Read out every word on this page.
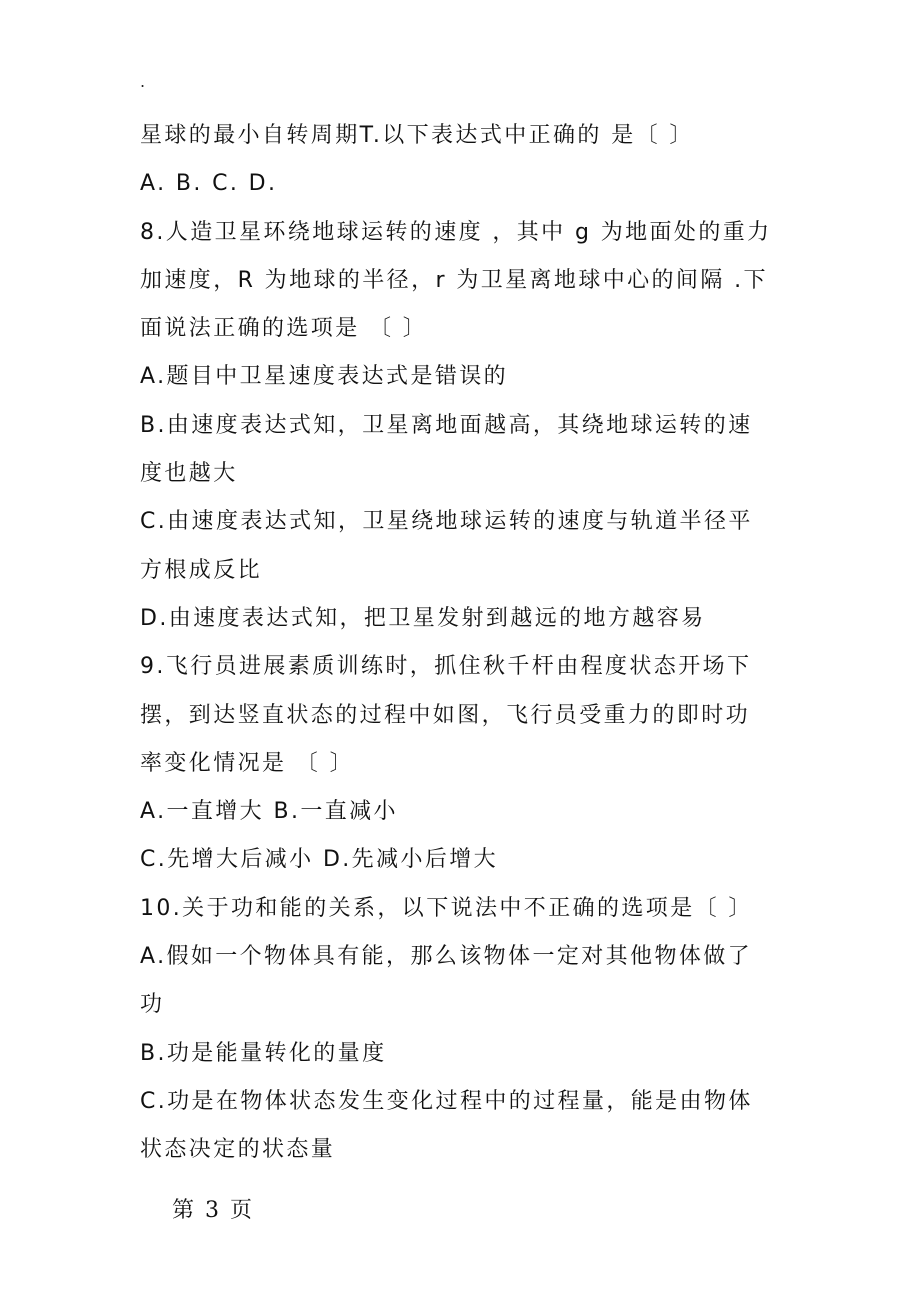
.
星球的最小自转周期T.以下表达式中正确的 是〔 〕
A. B. C. D.
8.人造卫星环绕地球运转的速度 ，其中 g 为地面处的重力
加速度，R 为地球的半径，r 为卫星离地球中心的间隔 .下
面说法正确的选项是 〔 〕
A.题目中卫星速度表达式是错误的
B.由速度表达式知，卫星离地面越高，其绕地球运转的速
度也越大
C.由速度表达式知，卫星绕地球运转的速度与轨道半径平
方根成反比
D.由速度表达式知，把卫星发射到越远的地方越容易
9.飞行员进展素质训练时，抓住秋千杆由程度状态开场下
摆，到达竖直状态的过程中如图，飞行员受重力的即时功
率变化情况是 〔 〕
A.一直增大 B.一直减小
C.先增大后减小 D.先减小后增大
10.关于功和能的关系，以下说法中不正确的选项是〔 〕
A.假如一个物体具有能，那么该物体一定对其他物体做了
功
B.功是能量转化的量度
C.功是在物体状态发生变化过程中的过程量，能是由物体
状态决定的状态量
第 3 页
